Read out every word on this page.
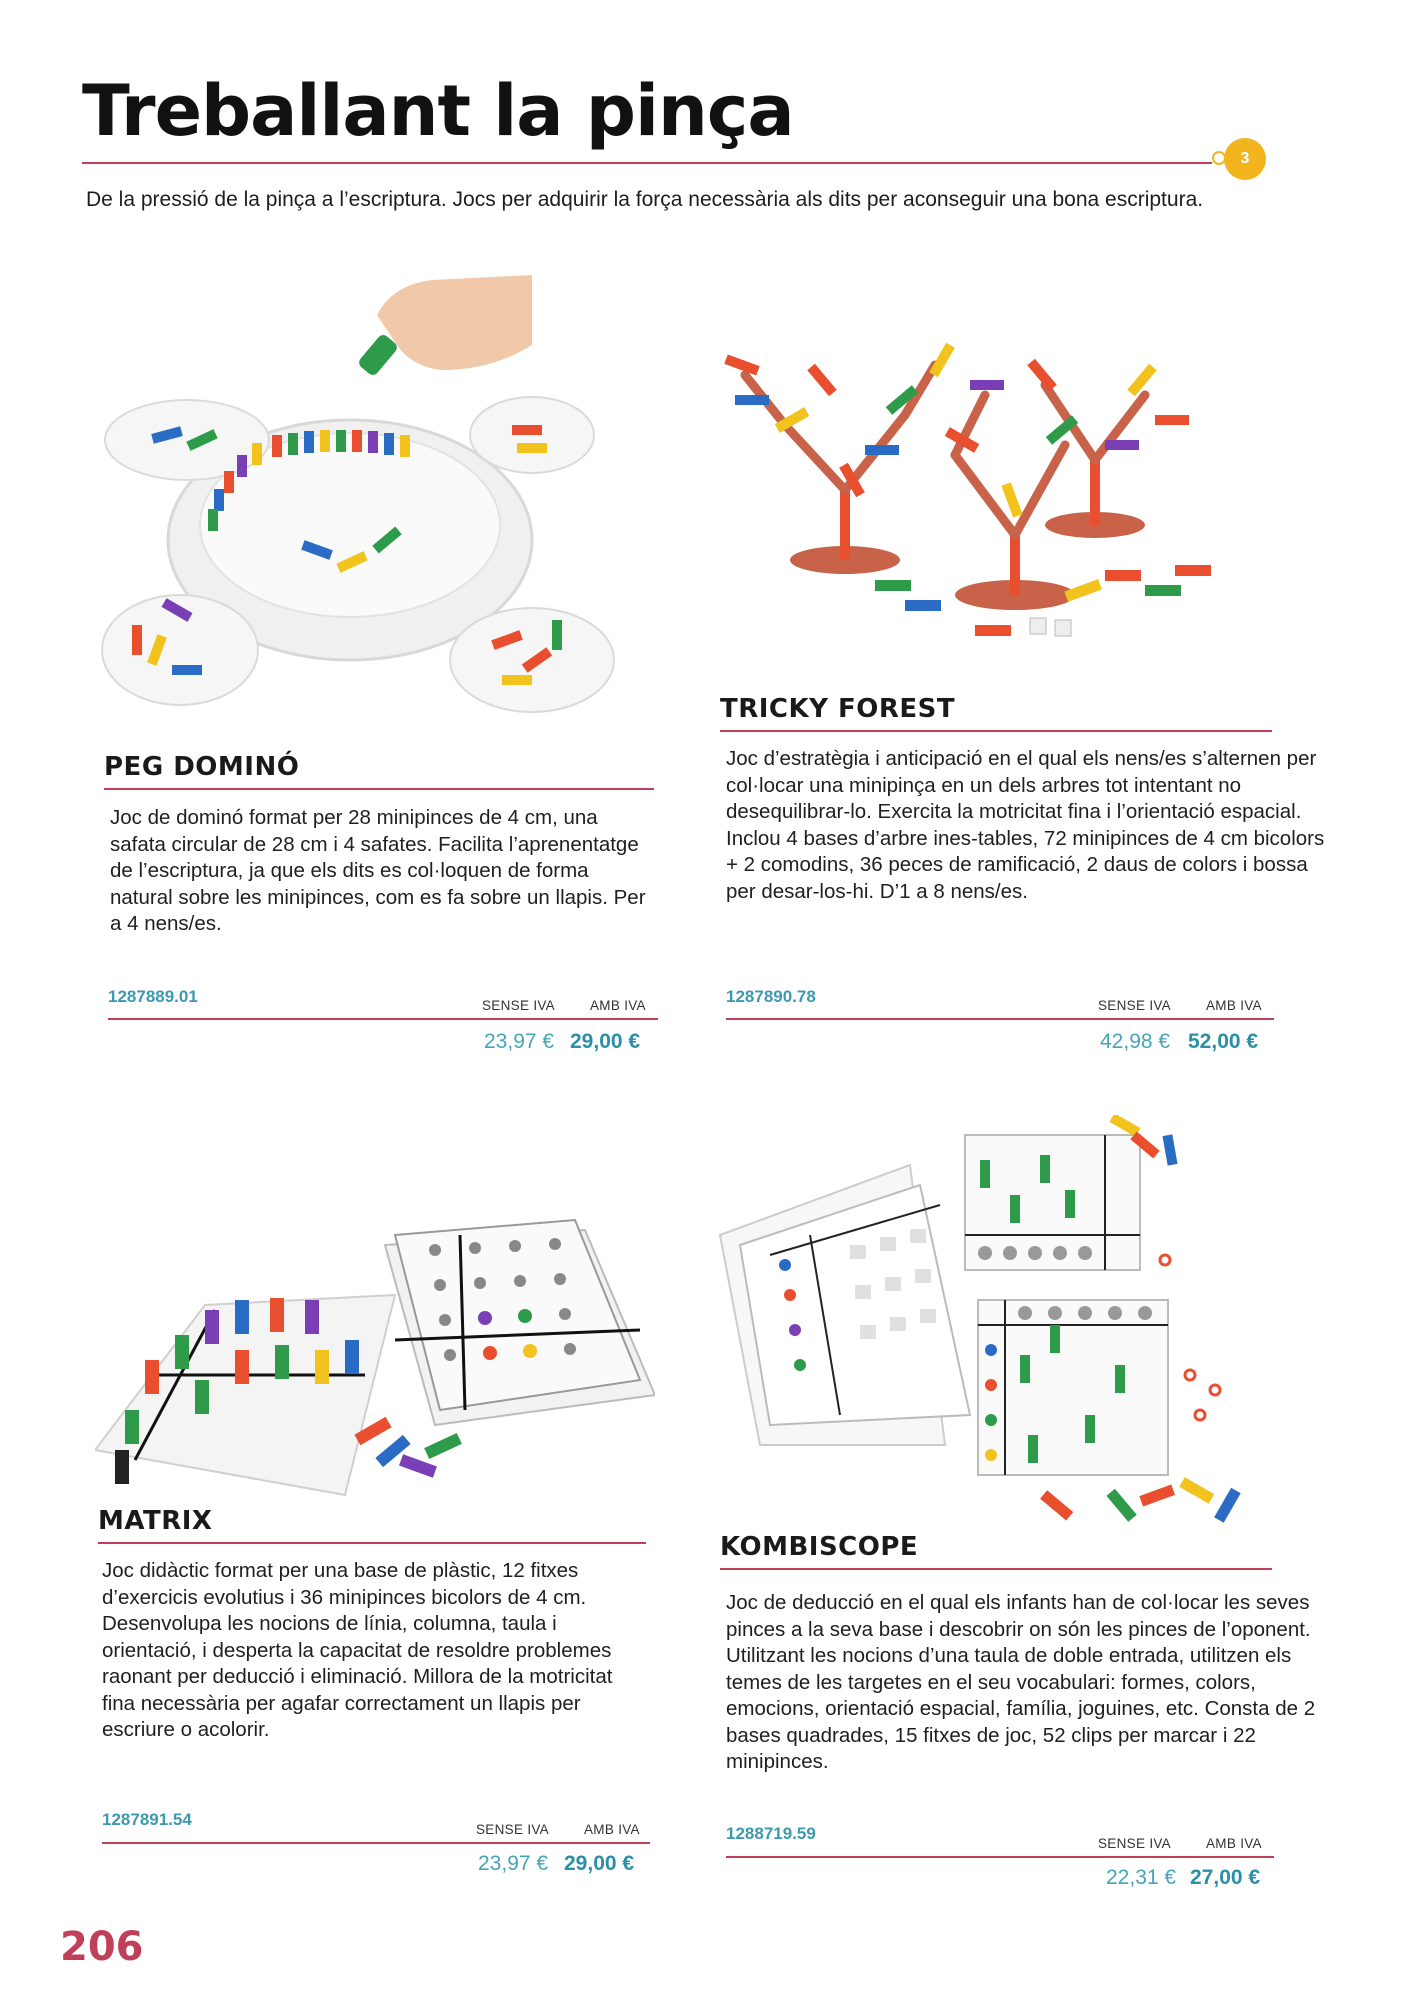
Treballant la pinça
3

De la pressió de la pinça a l’escriptura. Jocs per adquirir la força necessària als dits per aconseguir una bona escriptura.

PEG DOMINÓ

Joc de dominó format per 28 minipinces de 4 cm, una safata circular de 28 cm i 4 safates. Facilita l’aprenentatge de l’escriptura, ja que els dits es col·loquen de forma natural sobre les minipinces, com es fa sobre un llapis. Per a 4 nens/es.

1287889.01	SENSE IVA	AMB IVA
23,97 € 29,00 €
TRICKY FOREST

Joc d’estratègia i anticipació en el qual els nens/es s’alternen per col·locar una minipinça en un dels arbres tot intentant no desequilibrar-lo. Exercita la motricitat fina i l’orientació espacial. Inclou 4 bases d’arbre ines-tables, 72 minipinces de 4 cm bicolors + 2 comodins, 36 peces de ramificació, 2 daus de colors i bossa per desar-los-hi. D’1 a 8 nens/es.

1287890.78	SENSE IVA	AMB IVA
42,98 € 52,00 €
MATRIX

Joc didàctic format per una base de plàstic, 12 fitxes d’exercicis evolutius i 36 minipinces bicolors de 4 cm. Desenvolupa les nocions de línia, columna, taula i orientació, i desperta la capacitat de resoldre problemes raonant per deducció i eliminació. Millora de la motricitat fina necessària per agafar correctament un llapis per escriure o acolorir.

1287891.54
SENSE IVA	AMB IVA
23,97 € 29,00 €
KOMBISCOPE

Joc de deducció en el qual els infants han de col·locar les seves pinces a la seva base i descobrir on són les pinces de l’oponent. Utilitzant les nocions d’una taula de doble entrada, utilitzen els temes de les targetes en el seu vocabulari: formes, colors, emocions, orientació espacial, família, joguines, etc. Consta de 2 bases quadrades, 15 fitxes de joc, 52 clips per marcar i 22 minipinces.

1288719.59
SENSE IVA	AMB IVA
22,31 € 27,00 €
206
